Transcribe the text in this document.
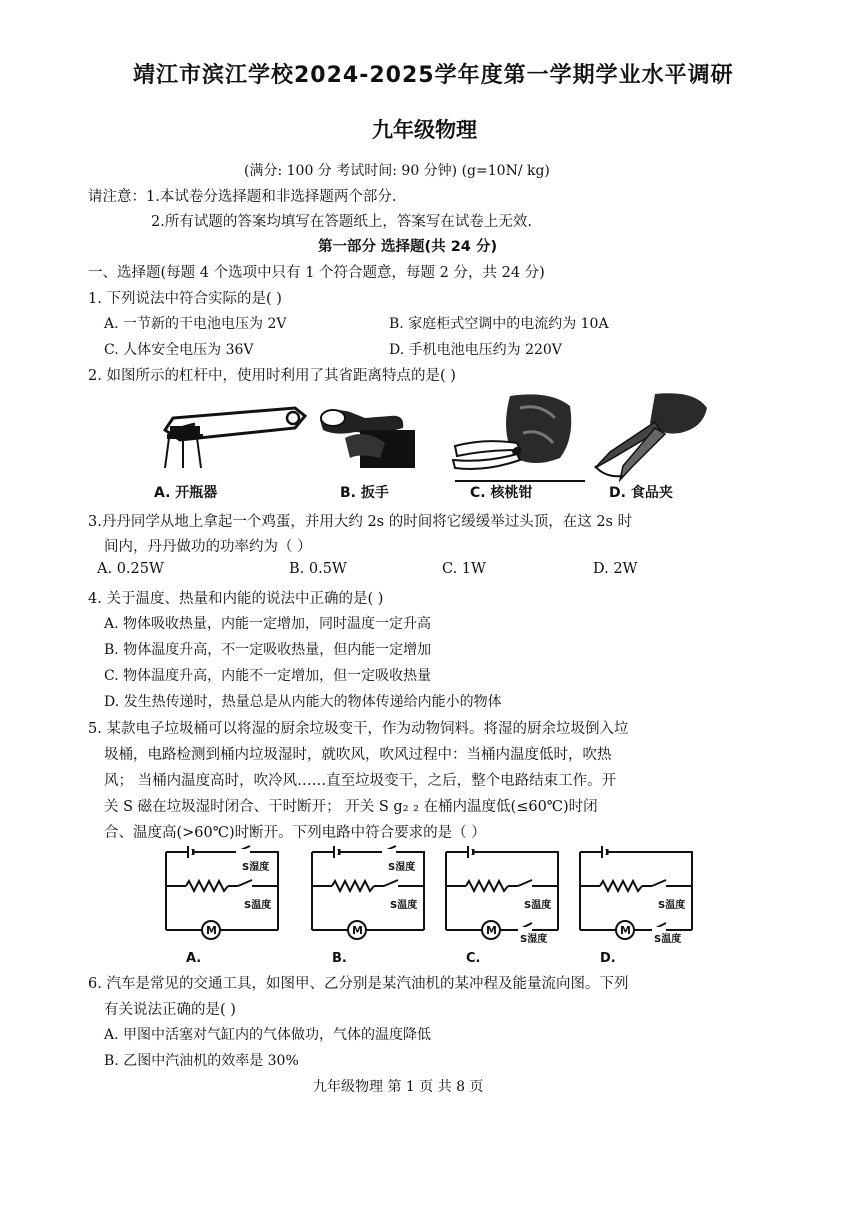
靖江市滨江学校2024-2025学年度第一学期学业水平调研
九年级物理
(满分: 100 分 考试时间: 90 分钟) (g=10N/ kg)
请注意：1.本试卷分选择题和非选择题两个部分.
2.所有试题的答案均填写在答题纸上，答案写在试卷上无效.
第一部分 选择题(共 24 分)
一、选择题(每题 4 个选项中只有 1 个符合题意，每题 2 分，共 24 分)
1. 下列说法中符合实际的是( )
A. 一节新的干电池电压为 2V	B. 家庭柜式空调中的电流约为 10A
C. 人体安全电压为 36V	D. 手机电池电压约为 220V
2. 如图所示的杠杆中，使用时利用了其省距离特点的是( )
A. 开瓶器	B. 扳手	C. 核桃钳	D. 食品夹
3.丹丹同学从地上拿起一个鸡蛋，并用大约 2s 的时间将它缓缓举过头顶，在这 2s 时
间内，丹丹做功的功率约为（ ）
A. 0.25W	B. 0.5W	C. 1W	D. 2W
4. 关于温度、热量和内能的说法中正确的是( )
A. 物体吸收热量，内能一定增加，同时温度一定升高
B. 物体温度升高，不一定吸收热量，但内能一定增加
C. 物体温度升高，内能不一定增加，但一定吸收热量
D. 发生热传递时，热量总是从内能大的物体传递给内能小的物体
5. 某款电子垃圾桶可以将湿的厨余垃圾变干，作为动物饲料。将湿的厨余垃圾倒入垃
圾桶，电路检测到桶内垃圾湿时，就吹风，吹风过程中：当桶内温度低时，吹热
风； 当桶内温度高时，吹冷风……直至垃圾变干，之后，整个电路结束工作。开
关 S 磁在垃圾湿时闭合、干时断开； 开关 S g₂ ₂ 在桶内温度低(≤60℃)时闭
合、温度高(>60℃)时断开。下列电路中符合要求的是（ ）
S湿度
S温度
M
A.
S湿度
S温度
M
B.
S温度
M
S湿度
C.
S温度
M
S温度
D.
6. 汽车是常见的交通工具，如图甲、乙分别是某汽油机的某冲程及能量流向图。下列
有关说法正确的是( )
A. 甲图中活塞对气缸内的气体做功，气体的温度降低
B. 乙图中汽油机的效率是 30%
九年级物理 第 1 页 共 8 页
